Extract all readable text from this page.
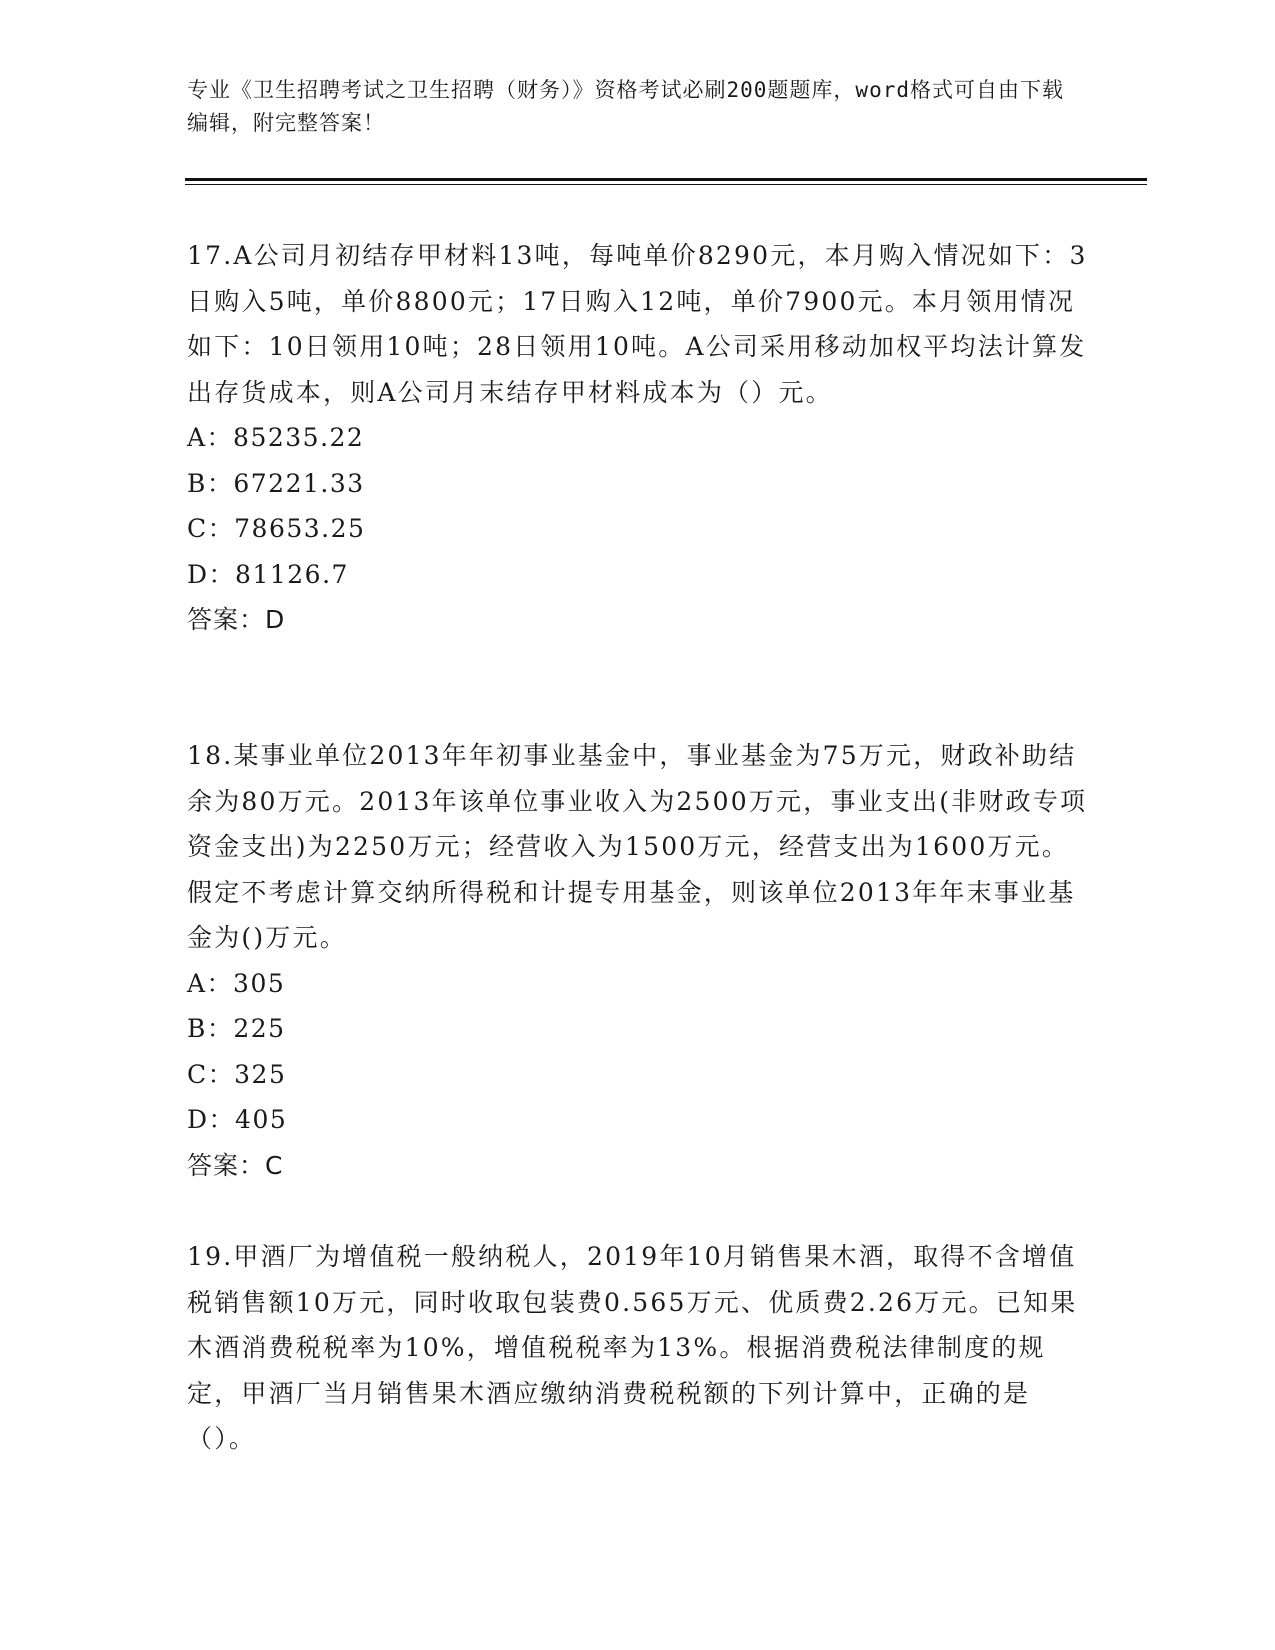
专业《卫生招聘考试之卫生招聘（财务）》资格考试必刷200题题库，word格式可自由下载编辑，附完整答案！

17.A公司月初结存甲材料13吨，每吨单价8290元，本月购入情况如下：3日购入5吨，单价8800元；17日购入12吨，单价7900元。本月领用情况如下：10日领用10吨；28日领用10吨。A公司采用移动加权平均法计算发出存货成本，则A公司月末结存甲材料成本为（）元。

A：85235.22

B：67221.33

C：78653.25

D：81126.7

答案：D

18.某事业单位2013年年初事业基金中，事业基金为75万元，财政补助结余为80万元。2013年该单位事业收入为2500万元，事业支出(非财政专项资金支出)为2250万元；经营收入为1500万元，经营支出为1600万元。假定不考虑计算交纳所得税和计提专用基金，则该单位2013年年末事业基金为()万元。

A：305

B：225

C：325

D：405

答案：C

19.甲酒厂为增值税一般纳税人，2019年10月销售果木酒，取得不含增值税销售额10万元，同时收取包装费0.565万元、优质费2.26万元。已知果木酒消费税税率为10%，增值税税率为13%。根据消费税法律制度的规定，甲酒厂当月销售果木酒应缴纳消费税税额的下列计算中，正确的是（）。
